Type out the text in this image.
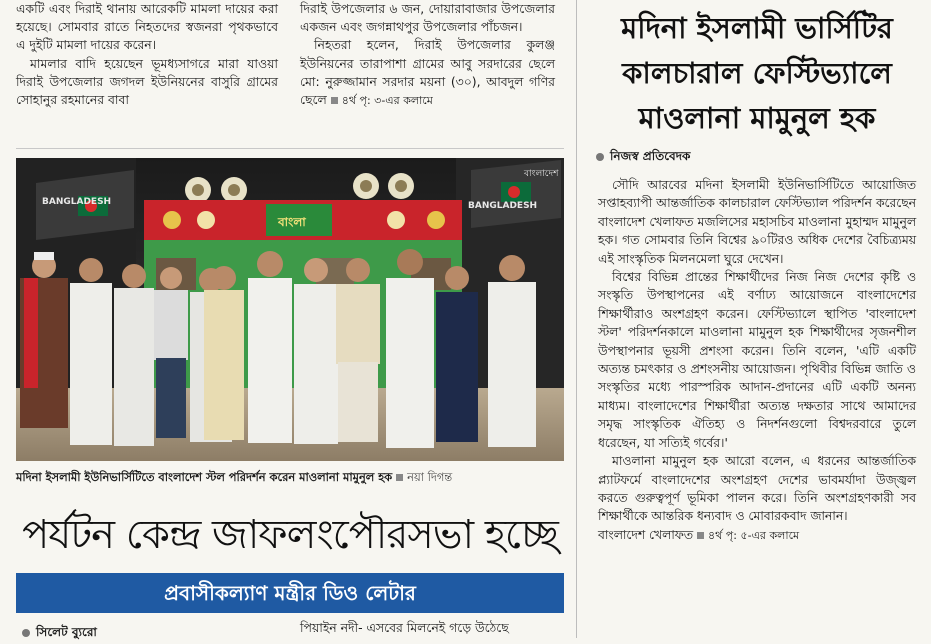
একটি এবং দিরাই থানায় আরেকটি মামলা দায়ের করা হয়েছে। সোমবার রাতে নিহতদের স্বজনরা পৃথকভাবে এ দুইটি মামলা দায়ের করেন।

মামলার বাদি হয়েছেন ভূমধ্যসাগরে মারা যাওয়া দিরাই উপজেলার জগদল ইউনিয়নের বাসুরি গ্রামের সোহানুর রহমানের বাবা

দিরাই উপজেলার ৬ জন, দোয়ারাবাজার উপজেলার একজন এবং জগন্নাথপুর উপজেলার পাঁচজন।

নিহতরা হলেন, দিরাই উপজেলার কুলঞ্জ ইউনিয়নের তারাপাশা গ্রামের আবু সরদারের ছেলে মো: নুরুজ্জামান সরদার ময়না (৩০), আবদুল গণির ছেলে ৪র্থ পৃ: ৩-এর কলামে

মদিনা ইসলামী ভার্সিটির
কালচারাল ফেস্টিভ্যালে
মাওলানা মামুনুল হক
নিজস্ব প্রতিবেদক

সৌদি আরবের মদিনা ইসলামী ইউনিভার্সিটিতে আয়োজিত সপ্তাহব্যাপী আন্তর্জাতিক কালচারাল ফেস্টিভ্যাল পরিদর্শন করেছেন বাংলাদেশ খেলাফত মজলিসের মহাসচিব মাওলানা মুহাম্মদ মামুনুল হক। গত সোমবার তিনি বিশ্বের ৯০টিরও অধিক দেশের বৈচিত্র্যময় এই সাংস্কৃতিক মিলনমেলা ঘুরে দেখেন।

বিশ্বের বিভিন্ন প্রান্তের শিক্ষার্থীদের নিজ নিজ দেশের কৃষ্টি ও সংস্কৃতি উপস্থাপনের এই বর্ণাঢ্য আয়োজনে বাংলাদেশের শিক্ষার্থীরাও অংশগ্রহণ করেন। ফেস্টিভ্যালে স্থাপিত 'বাংলাদেশ স্টল' পরিদর্শনকালে মাওলানা মামুনুল হক শিক্ষার্থীদের সৃজনশীল উপস্থাপনার ভূয়সী প্রশংসা করেন। তিনি বলেন, 'এটি একটি অত্যন্ত চমৎকার ও প্রশংসনীয় আয়োজন। পৃথিবীর বিভিন্ন জাতি ও সংস্কৃতির মধ্যে পারস্পরিক আদান-প্রদানের এটি একটি অনন্য মাধ্যম। বাংলাদেশের শিক্ষার্থীরা অত্যন্ত দক্ষতার সাথে আমাদের সমৃদ্ধ সাংস্কৃতিক ঐতিহ্য ও নিদর্শনগুলো বিশ্বদরবারে তুলে ধরেছেন, যা সত্যিই গর্বের।'

মাওলানা মামুনুল হক আরো বলেন, এ ধরনের আন্তর্জাতিক প্ল্যাটফর্মে বাংলাদেশের অংশগ্রহণ দেশের ভাবমর্যাদা উজ্জ্বল করতে গুরুত্বপূর্ণ ভূমিকা পালন করে। তিনি অংশগ্রহণকারী সব শিক্ষার্থীকে আন্তরিক ধন্যবাদ ও মোবারকবাদ জানান।

বাংলাদেশ খেলাফত ৪র্থ পৃ: ৫-এর কলামে

BANGLADESH	BANGLADESH
বাংলাদেশ
বাংলা
মদিনা ইসলামী ইউনিভার্সিটিতে বাংলাদেশ স্টল পরিদর্শন করেন মাওলানা মামুনুল হক নয়া দিগন্ত
পর্যটন কেন্দ্র জাফলংপৌরসভা হচ্ছে
প্রবাসীকল্যাণ মন্ত্রীর ডিও লেটার
সিলেট ব্যুরো	পিয়াইন নদী- এসবের মিলনেই গড়ে উঠেছে
